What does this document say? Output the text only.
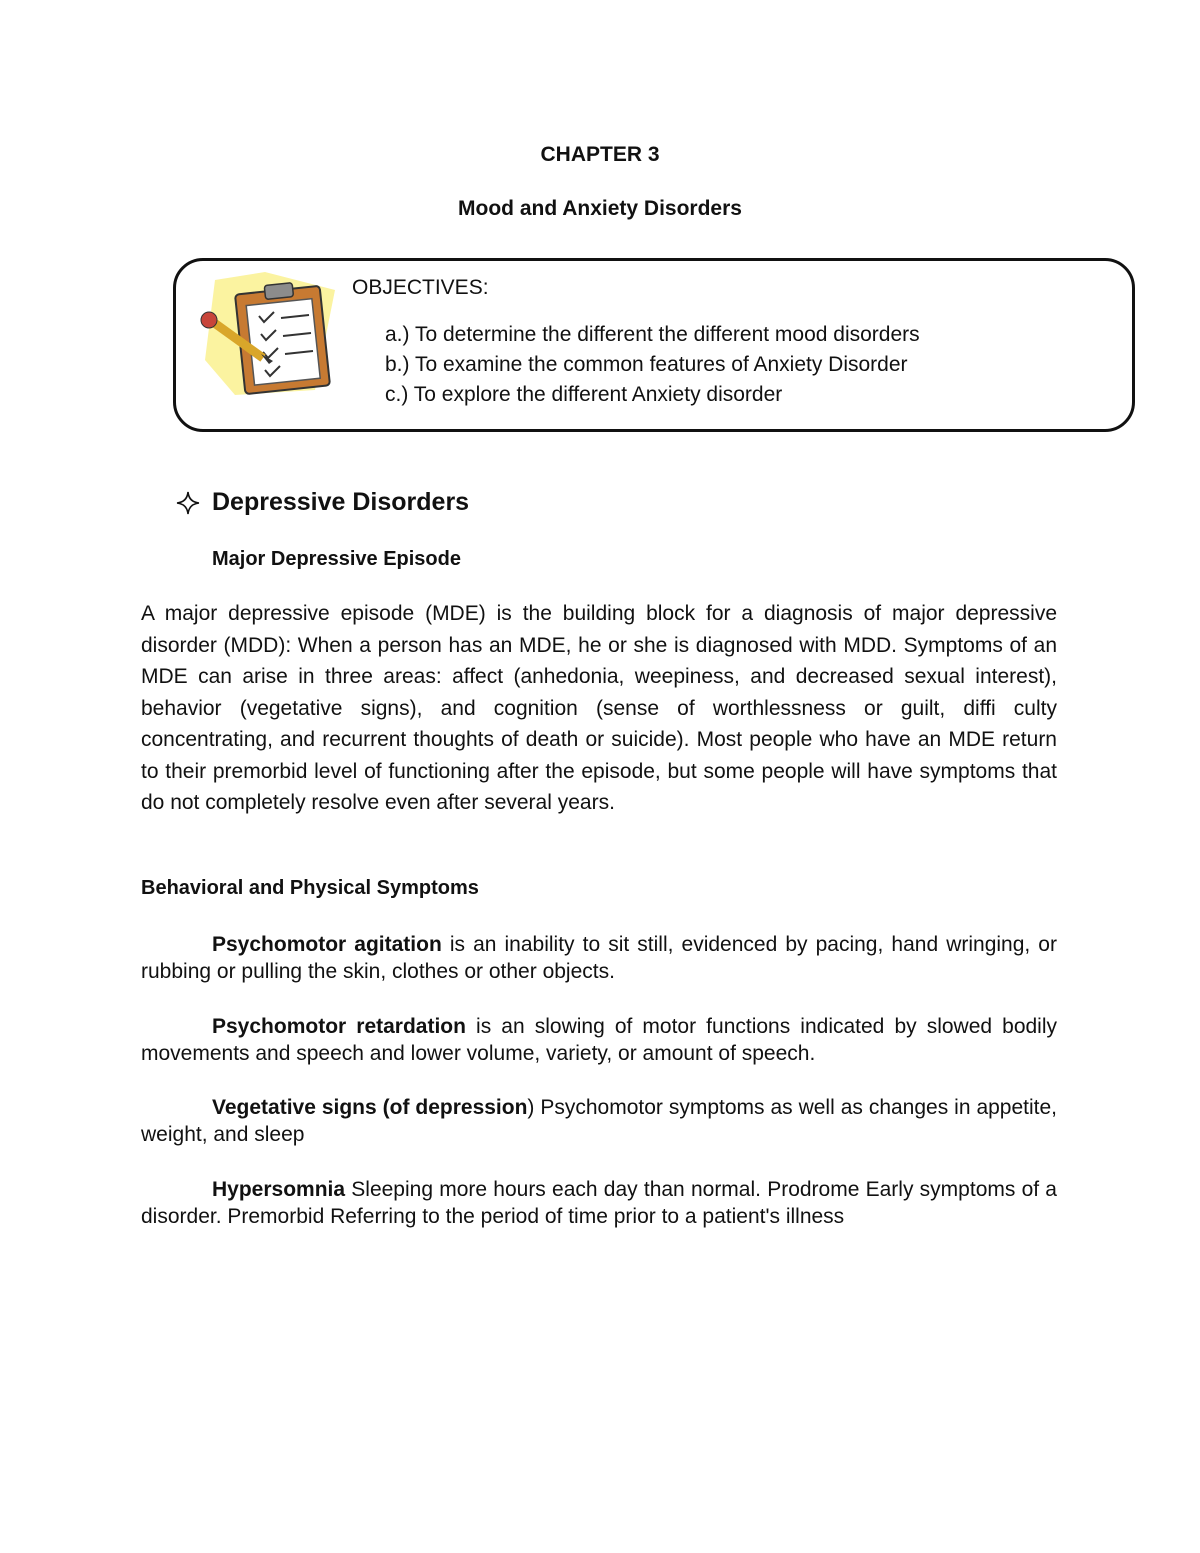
CHAPTER 3
Mood and Anxiety Disorders
OBJECTIVES:
a.) To determine the different the different mood disorders
b.) To examine the common features of Anxiety Disorder
c.) To explore the different Anxiety disorder
Depressive Disorders
Major Depressive Episode
A major depressive episode (MDE) is the building block for a diagnosis of major depressive disorder (MDD): When a person has an MDE, he or she is diagnosed with MDD. Symptoms of an MDE can arise in three areas: affect (anhedonia, weepiness, and decreased sexual interest), behavior (vegetative signs), and cognition (sense of worthlessness or guilt, diffi culty concentrating, and recurrent thoughts of death or suicide). Most people who have an MDE return to their premorbid level of functioning after the episode, but some people will have symptoms that do not completely resolve even after several years.
Behavioral and Physical Symptoms
Psychomotor agitation is an inability to sit still, evidenced by pacing, hand wringing, or rubbing or pulling the skin, clothes or other objects.
Psychomotor retardation is an slowing of motor functions indicated by slowed bodily movements and speech and lower volume, variety, or amount of speech.
Vegetative signs (of depression) Psychomotor symptoms as well as changes in appetite, weight, and sleep
Hypersomnia Sleeping more hours each day than normal. Prodrome Early symptoms of a disorder. Premorbid Referring to the period of time prior to a patient's illness
